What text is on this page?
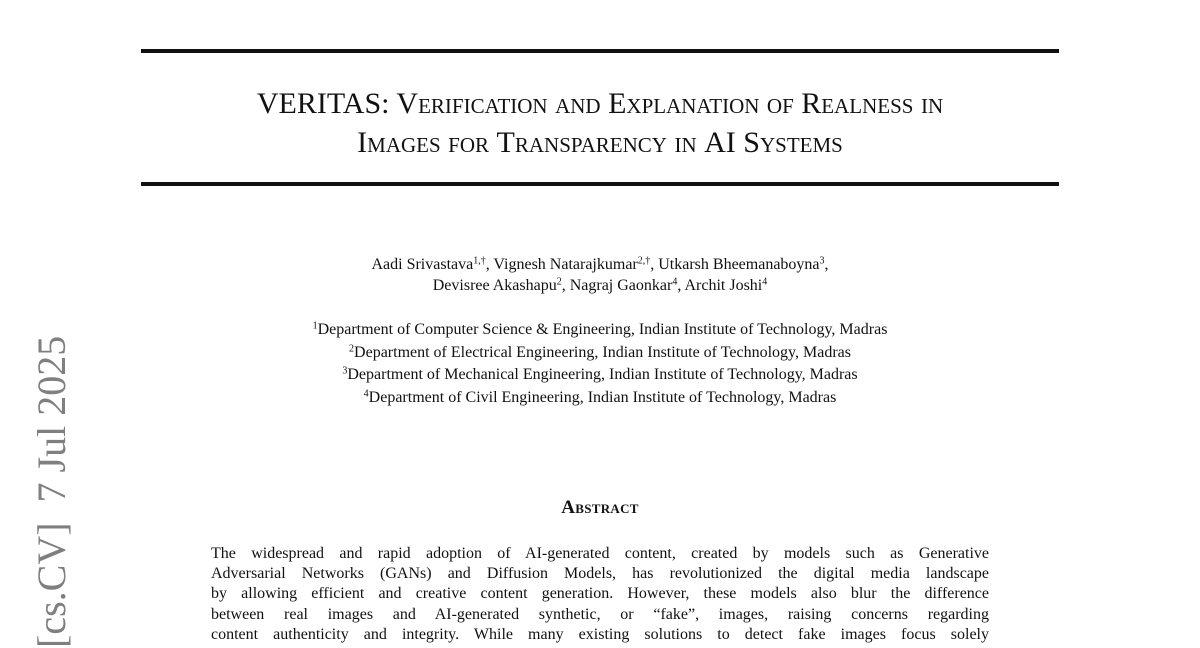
VERITAS: Verification and Explanation of Realness in
Images for Transparency in AI Systems
Aadi Srivastava$^{1,\dagger}$, Vignesh Natarajkumar$^{2,\dagger}$, Utkarsh Bheemanaboyna$^3$,
Devisree Akashapu$^2$, Nagraj Gaonkar$^4$, Archit Joshi$^4$
$^1$Department of Computer Science & Engineering, Indian Institute of Technology, Madras
$^2$Department of Electrical Engineering, Indian Institute of Technology, Madras
$^3$Department of Mechanical Engineering, Indian Institute of Technology, Madras
$^4$Department of Civil Engineering, Indian Institute of Technology, Madras
Abstract
The widespread and rapid adoption of AI-generated content, created by models such as Generative
Adversarial Networks (GANs) and Diffusion Models, has revolutionized the digital media landscape
by allowing efficient and creative content generation. However, these models also blur the difference
between real images and AI-generated synthetic, or “fake”, images, raising concerns regarding
content authenticity and integrity. While many existing solutions to detect fake images focus solely
[cs.CV]  7 Jul 2025
